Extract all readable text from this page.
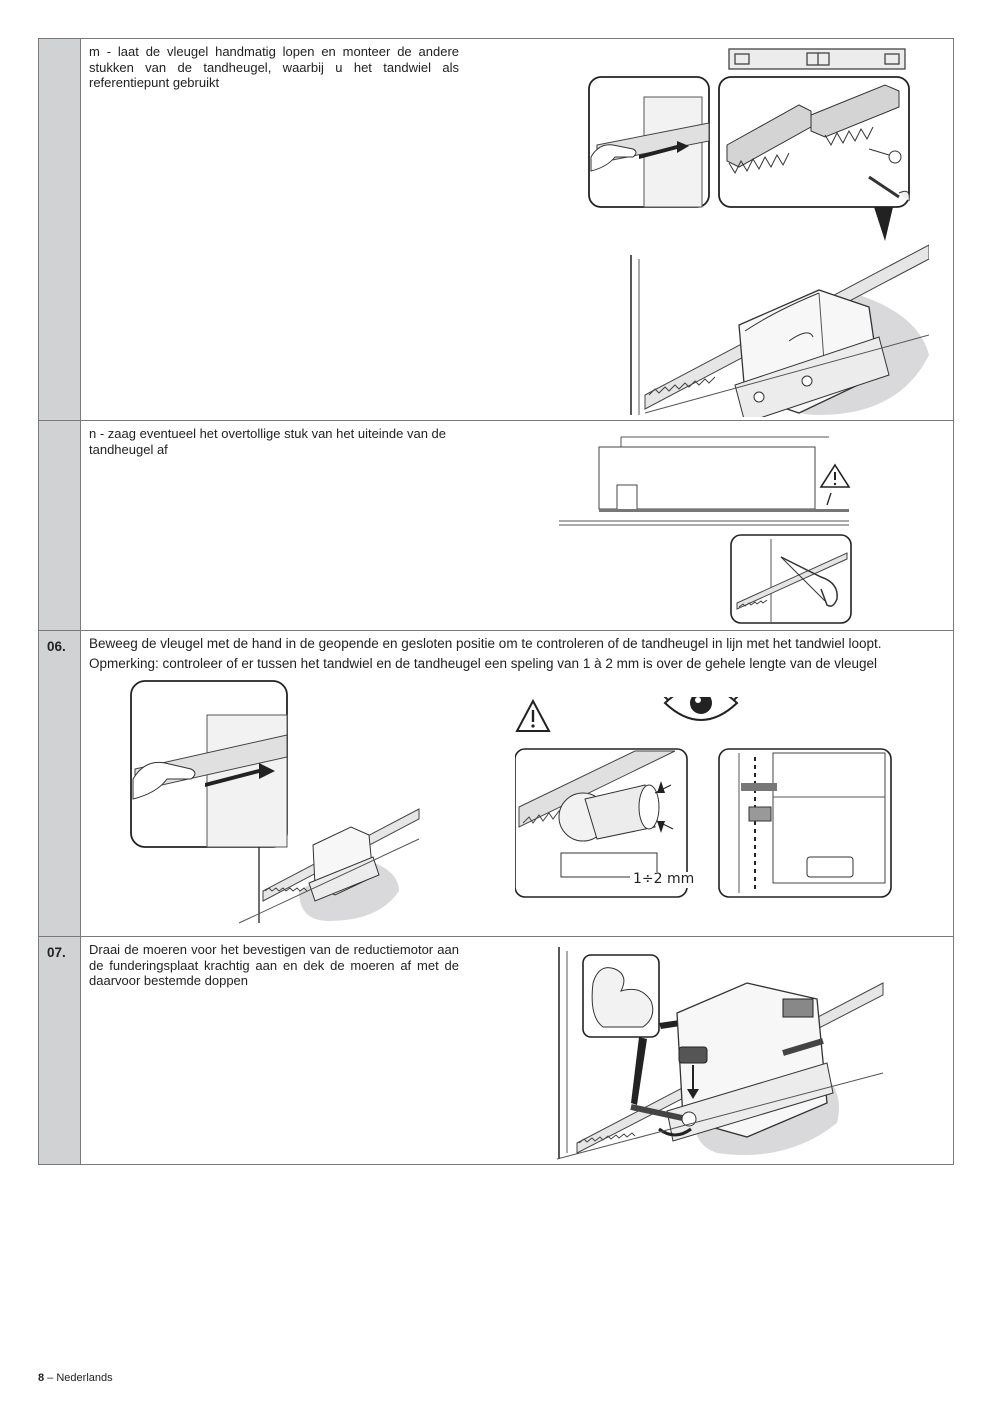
	m - laat de vleugel handmatig lopen en monteer de andere stukken van de tandheugel, waarbij u het tandwiel als referentiepunt gebruikt

	n - zaag eventueel het overtollige stuk van het uiteinde van de tandheugel af

06.	Beweeg de vleugel met de hand in de geopende en gesloten positie om te controleren of de tandheugel in lijn met het tandwiel loopt.
Opmerking: controleer of er tussen het tandwiel en de tandheugel een speling van 1 à 2 mm is over de gehele lengte van de vleugel
1÷2 mm

07.	Draai de moeren voor het bevestigen van de reductiemotor aan de funderingsplaat krachtig aan en dek de moeren af met de daarvoor bestemde doppen
8 – Nederlands
